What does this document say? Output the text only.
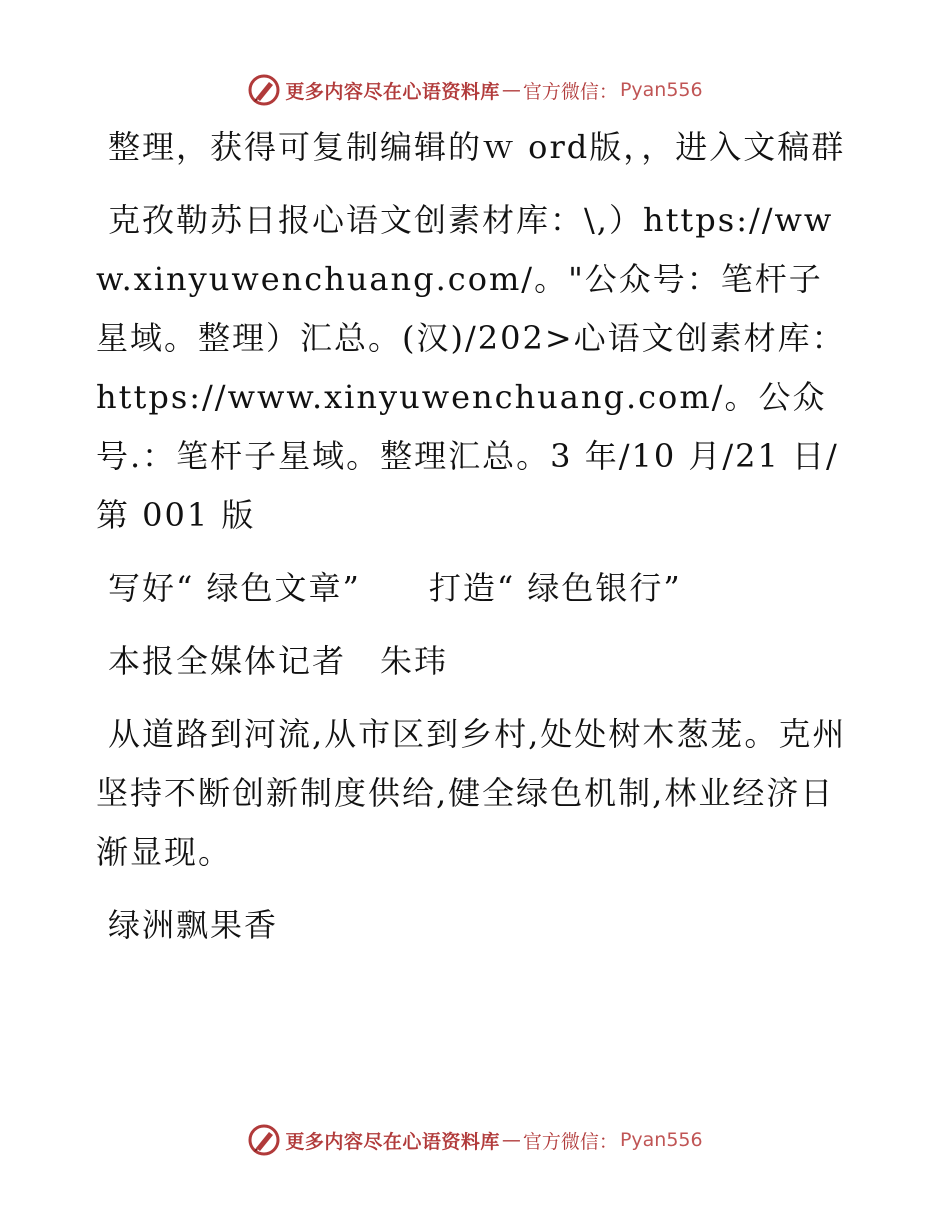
更多内容尽在心语资料库 — 官方微信： Pyan556

整理，获得可复制编辑的ｗ ord版，，进入文稿群

克孜勒苏日报心语文创素材库：\,）https://www.xinyuwenchuang.com/。"公众号：笔杆子星域。整理）汇总。(汉)/202>心语文创素材库：https://www.xinyuwenchuang.com/。公众号.：笔杆子星域。整理汇总。3 年/10 月/21 日/第 001 版

写好“ 绿色文章”　　打造“ 绿色银行”

本报全媒体记者　朱玮

从道路到河流,从市区到乡村,处处树木葱茏。克州坚持不断创新制度供给,健全绿色机制,林业经济日渐显现。

绿洲飘果香

更多内容尽在心语资料库 — 官方微信： Pyan556
